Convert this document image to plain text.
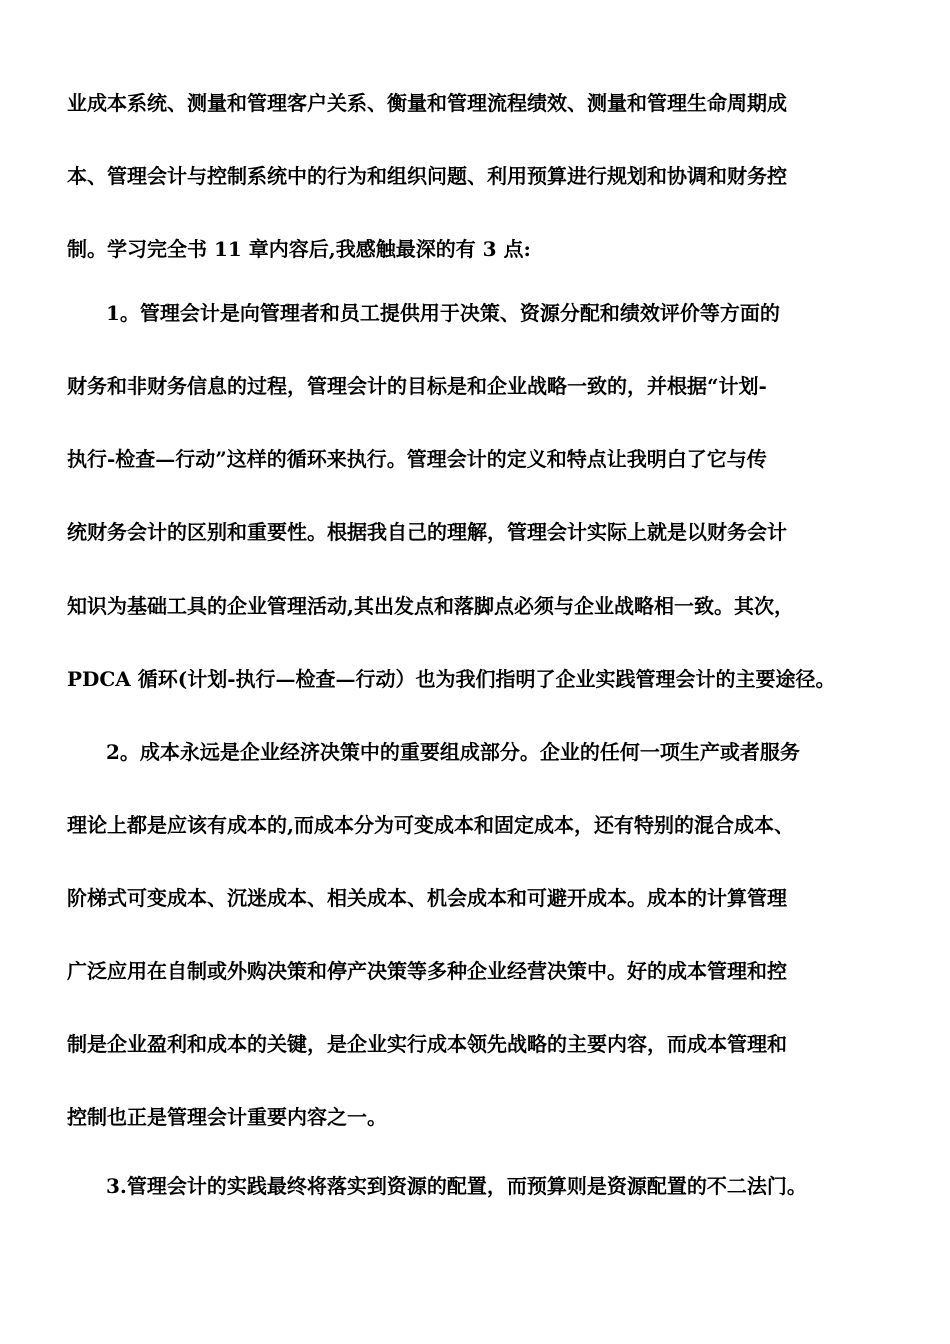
业成本系统、测量和管理客户关系、衡量和管理流程绩效、测量和管理生命周期成
本、管理会计与控制系统中的行为和组织问题、利用预算进行规划和协调和财务控
制。学习完全书 11 章内容后,我感触最深的有 3 点:
1。管理会计是向管理者和员工提供用于决策、资源分配和绩效评价等方面的
财务和非财务信息的过程，管理会计的目标是和企业战略一致的，并根据“计划-
执行-检查—行动”这样的循环来执行。管理会计的定义和特点让我明白了它与传
统财务会计的区别和重要性。根据我自己的理解，管理会计实际上就是以财务会计
知识为基础工具的企业管理活动,其出发点和落脚点必须与企业战略相一致。其次，
PDCA 循环(计划-执行—检查—行动）也为我们指明了企业实践管理会计的主要途径。
2。成本永远是企业经济决策中的重要组成部分。企业的任何一项生产或者服务
理论上都是应该有成本的,而成本分为可变成本和固定成本，还有特别的混合成本、
阶梯式可变成本、沉迷成本、相关成本、机会成本和可避开成本。成本的计算管理
广泛应用在自制或外购决策和停产决策等多种企业经营决策中。好的成本管理和控
制是企业盈利和成本的关键，是企业实行成本领先战略的主要内容，而成本管理和
控制也正是管理会计重要内容之一。
3.管理会计的实践最终将落实到资源的配置，而预算则是资源配置的不二法门。
